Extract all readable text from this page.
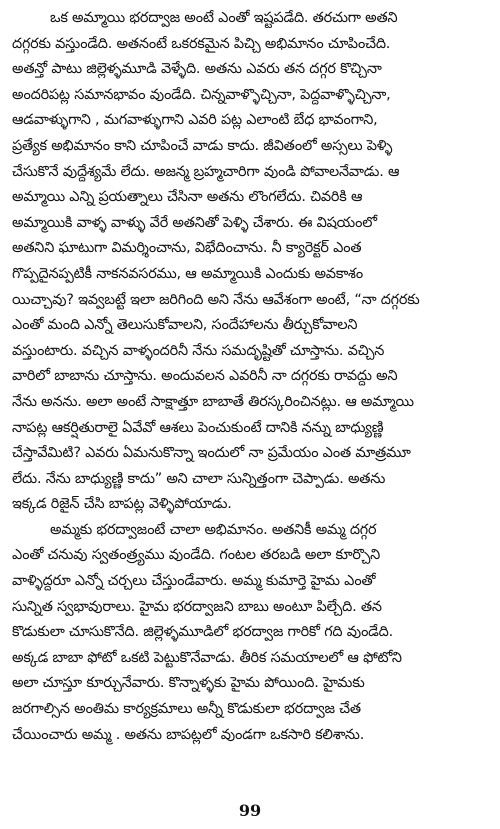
ఒక అమ్మాయి భరద్వాజ అంటే ఎంతో ఇష్టపడేది. తరచుగా అతని
దగ్గరకు వస్తుండేది. అతనంటే ఒకరకమైన పిచ్చి అభిమానం చూపించేది.
అతన్తో పాటు జిల్లెళ్ళమూడి వెళ్ళేది. అతను ఎవరు తన దగ్గర కొచ్చినా
అందరిపట్ల సమానభావం వుండేది. చిన్నవాళ్ళొచ్చినా, పెద్దవాళ్ళొచ్చినా,
ఆడవాళ్ళుగాని , మగవాళ్ళుగాని ఎవరి పట్ల ఎలాంటి బేధ భావంగాని,
ప్రత్యేక అభిమానం కాని చూపించే వాడు కాదు. జీవితంలో అస్సలు పెళ్ళి
చేసుకొనే వుద్దేశ్యమే లేదు. అజన్మ బ్రహ్మచారిగా వుండి పోవాలనేవాడు. ఆ
అమ్మాయి ఎన్ని ప్రయత్నాలు చేసినా అతను లొంగలేదు. చివరికి ఆ
అమ్మాయికి వాళ్ళ వాళ్ళు వేరే అతనితో పెళ్ళి చేశారు. ఈ విషయంలో
అతనిని ఘాటుగా విమర్శించాను, విభేదించాను. నీ క్యారెక్టర్ ఎంత
గొప్పదైనప్పటికీ నాకనవసరము, ఆ అమ్మాయికి ఎందుకు అవకాశం
యిచ్చావు? ఇవ్వబట్టే ఇలా జరిగింది అని నేను ఆవేశంగా అంటే, “నా దగ్గరకు
ఎంతో మంది ఎన్నో తెలుసుకోవాలని, సందేహాలను తీర్చుకోవాలని
వస్తుంటారు. వచ్చిన వాళ్ళందరినీ నేను సమదృష్టితో చూస్తాను. వచ్చిన
వారిలో బాబాను చూస్తాను. అందువలన ఎవరినీ నా దగ్గరకు రావద్దు అని
నేను అనను. అలా అంటే సాక్షాత్తూ బాబాతే తిరస్కరించినట్లు. ఆ అమ్మాయి
నాపట్ల ఆకర్షితురాలై ఏవేవో ఆశలు పెంచుకుంటే దానికి నన్ను బాధ్యుణ్ణి
చేస్తావేమిటి? ఎవరు ఏమనుకొన్నా ఇందులో నా ప్రమేయం ఎంత మాత్రమూ
లేదు. నేను బాధ్యుణ్ణి కాదు” అని చాలా సున్నిత్తంగా చెప్పాడు. అతను
ఇక్కడ రిజైన్ చేసి బాపట్ల వెళ్ళిపోయాడు.
అమ్మకు భరద్వాజంటే చాలా అభిమానం. అతనికీ అమ్మ దగ్గర
ఎంతో చనువు స్వతంత్ర్యము వుండేది. గంటల తరబడి అలా కూర్చొని
వాళ్ళిద్దరూ ఎన్నో చర్చలు చేస్తుండేవారు. అమ్మ కుమార్తె హైమ ఎంతో
సున్నిత స్వభావురాలు. హైమ భరద్వాజని బాబు అంటూ పిల్చేది. తన
కొడుకులా చూసుకొనేది. జిల్లెళ్ళమూడిలో భరద్వాజ గారికో గది వుండేది.
అక్కడ బాబా ఫోటో ఒకటి పెట్టుకొనేవాడు. తీరిక సమయాలలో ఆ ఫోటోని
అలా చూస్తూ కూర్చునేవారు. కొన్నాళ్ళకు హైమ పోయింది. హైమకు
జరగాల్సిన అంతిమ కార్యక్రమాలు అన్నీ కొడుకులా భరద్వాజ చేత
చేయించారు అమ్మ . అతను బాపట్లలో వుండగా ఒకసారి కలిశాను.
99
